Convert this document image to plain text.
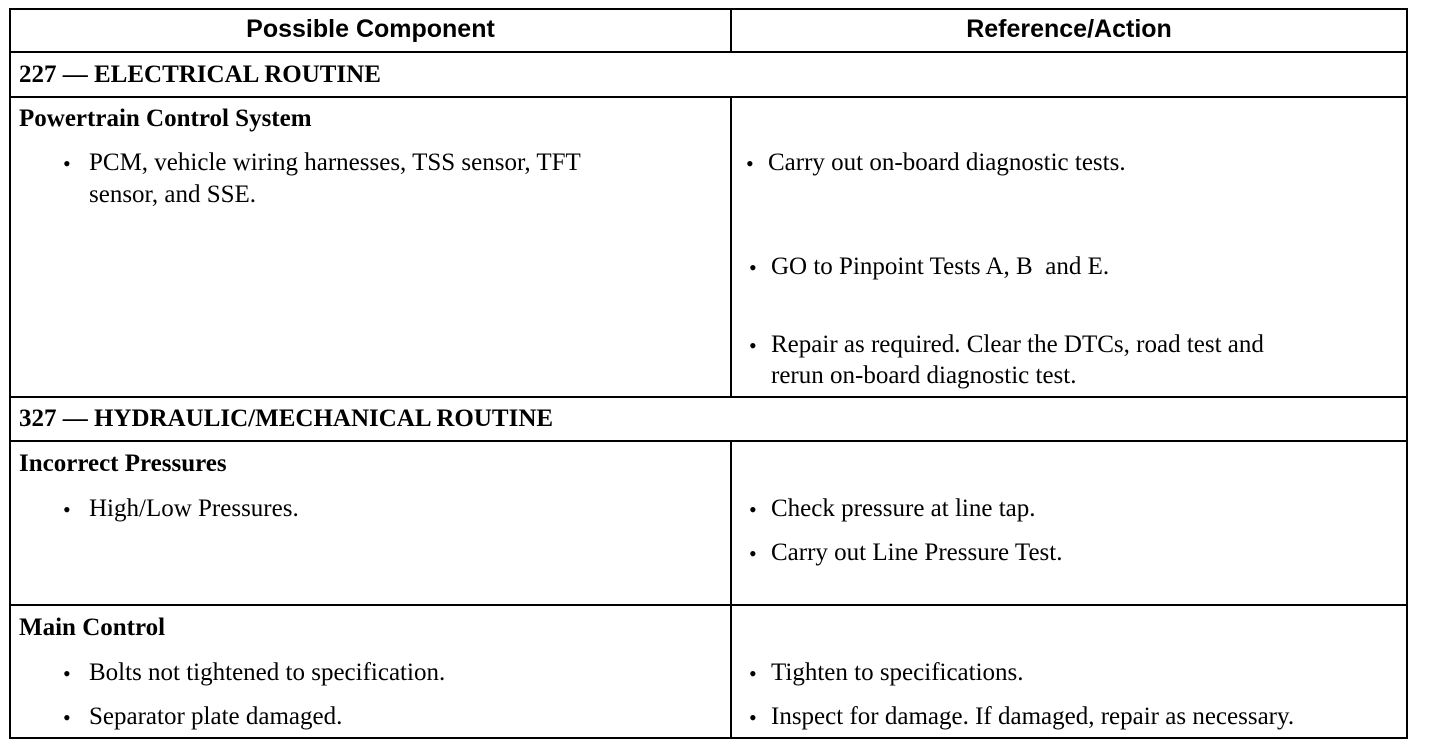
Possible Component	Reference/Action
227 — ELECTRICAL ROUTINE
Powertrain Control System
• PCM, vehicle wiring harnesses, TSS sensor, TFT
sensor, and SSE.
• Carry out on-board diagnostic tests.
• GO to Pinpoint Tests A, B  and E.
• Repair as required. Clear the DTCs, road test and
rerun on-board diagnostic test.
327 — HYDRAULIC/MECHANICAL ROUTINE
Incorrect Pressures
• High/Low Pressures.	• Check pressure at line tap.
• Carry out Line Pressure Test.
Main Control
• Bolts not tightened to specification.
• Separator plate damaged.
• Tighten to specifications.
• Inspect for damage. If damaged, repair as necessary.
